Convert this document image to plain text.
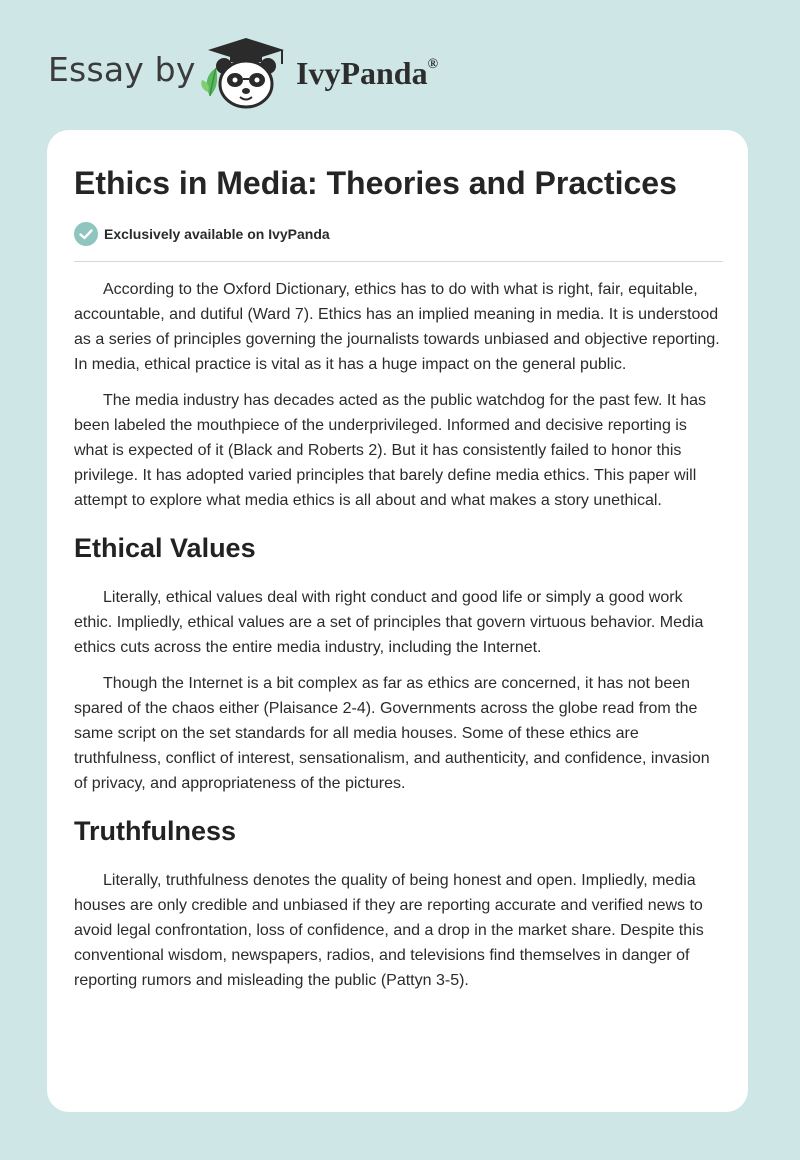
Essay by	IvyPanda®
Ethics in Media: Theories and Practices
Exclusively available on IvyPanda

According to the Oxford Dictionary, ethics has to do with what is right, fair, equitable, accountable, and dutiful (Ward 7). Ethics has an implied meaning in media. It is understood as a series of principles governing the journalists towards unbiased and objective reporting. In media, ethical practice is vital as it has a huge impact on the general public.

The media industry has decades acted as the public watchdog for the past few. It has been labeled the mouthpiece of the underprivileged. Informed and decisive reporting is what is expected of it (Black and Roberts 2). But it has consistently failed to honor this privilege. It has adopted varied principles that barely define media ethics. This paper will attempt to explore what media ethics is all about and what makes a story unethical.

Ethical Values

Literally, ethical values deal with right conduct and good life or simply a good work ethic. Impliedly, ethical values are a set of principles that govern virtuous behavior. Media ethics cuts across the entire media industry, including the Internet.

Though the Internet is a bit complex as far as ethics are concerned, it has not been spared of the chaos either (Plaisance 2-4). Governments across the globe read from the same script on the set standards for all media houses. Some of these ethics are truthfulness, conflict of interest, sensationalism, and authenticity, and confidence, invasion of privacy, and appropriateness of the pictures.

Truthfulness

Literally, truthfulness denotes the quality of being honest and open. Impliedly, media houses are only credible and unbiased if they are reporting accurate and verified news to avoid legal confrontation, loss of confidence, and a drop in the market share. Despite this conventional wisdom, newspapers, radios, and televisions find themselves in danger of reporting rumors and misleading the public (Pattyn 3-5).
